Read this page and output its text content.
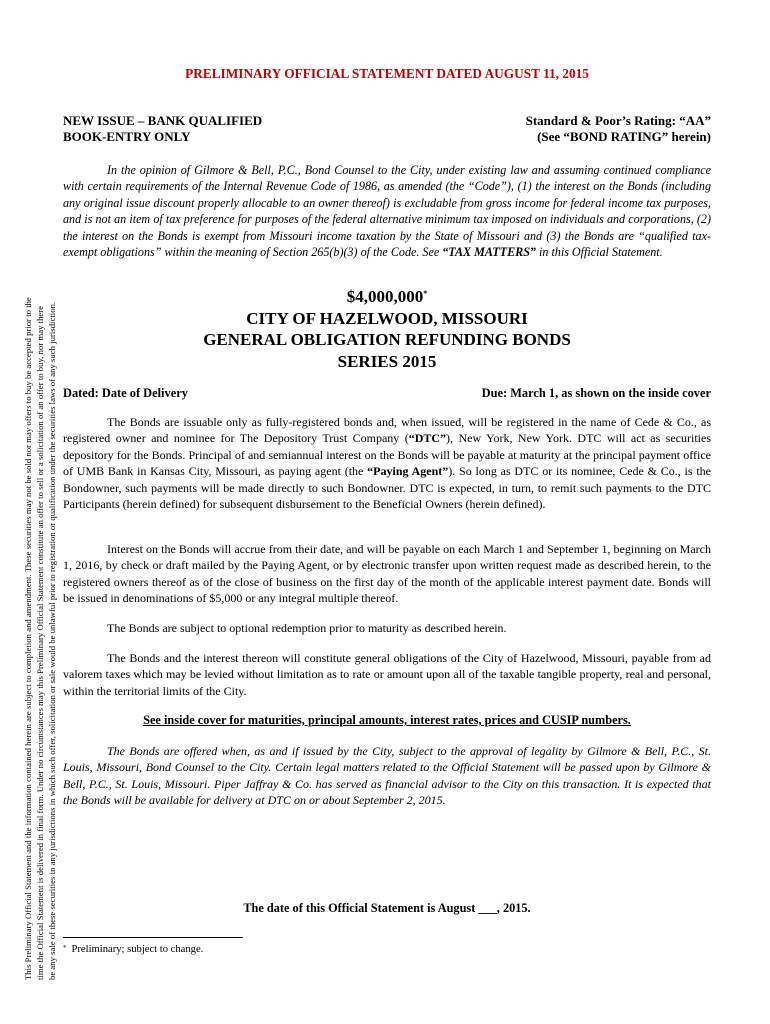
This Preliminary Official Statement and the information contained herein are subject to completion and amendment. These securities may not be sold nor may offers to buy be accepted prior to the time the Official Statement is delivered in final form. Under no circumstances may this Preliminary Official Statement constitute an offer to sell or a solicitation of an offer to buy, nor may there be any sale of these securities in any jurisdictions in which such offer, solicitation or sale would be unlawful prior to registration or qualification under the securities laws of any such jurisdiction.
PRELIMINARY OFFICIAL STATEMENT DATED AUGUST 11, 2015
NEW ISSUE – BANK QUALIFIED
BOOK-ENTRY ONLY
Standard & Poor’s Rating: “AA”
(See “BOND RATING” herein)
In the opinion of Gilmore & Bell, P.C., Bond Counsel to the City, under existing law and assuming continued compliance with certain requirements of the Internal Revenue Code of 1986, as amended (the “Code”), (1) the interest on the Bonds (including any original issue discount properly allocable to an owner thereof) is excludable from gross income for federal income tax purposes, and is not an item of tax preference for purposes of the federal alternative minimum tax imposed on individuals and corporations, (2) the interest on the Bonds is exempt from Missouri income taxation by the State of Missouri and (3) the Bonds are “qualified tax-exempt obligations” within the meaning of Section 265(b)(3) of the Code. See “TAX MATTERS” in this Official Statement.
$4,000,000*
CITY OF HAZELWOOD, MISSOURI
GENERAL OBLIGATION REFUNDING BONDS
SERIES 2015
Dated: Date of Delivery	Due: March 1, as shown on the inside cover
The Bonds are issuable only as fully-registered bonds and, when issued, will be registered in the name of Cede & Co., as registered owner and nominee for The Depository Trust Company (“DTC”), New York, New York. DTC will act as securities depository for the Bonds. Principal of and semiannual interest on the Bonds will be payable at maturity at the principal payment office of UMB Bank in Kansas City, Missouri, as paying agent (the “Paying Agent”). So long as DTC or its nominee, Cede & Co., is the Bondowner, such payments will be made directly to such Bondowner. DTC is expected, in turn, to remit such payments to the DTC Participants (herein defined) for subsequent disbursement to the Beneficial Owners (herein defined).
Interest on the Bonds will accrue from their date, and will be payable on each March 1 and September 1, beginning on March 1, 2016, by check or draft mailed by the Paying Agent, or by electronic transfer upon written request made as described herein, to the registered owners thereof as of the close of business on the first day of the month of the applicable interest payment date. Bonds will be issued in denominations of $5,000 or any integral multiple thereof.
The Bonds are subject to optional redemption prior to maturity as described herein.
The Bonds and the interest thereon will constitute general obligations of the City of Hazelwood, Missouri, payable from ad valorem taxes which may be levied without limitation as to rate or amount upon all of the taxable tangible property, real and personal, within the territorial limits of the City.
See inside cover for maturities, principal amounts, interest rates, prices and CUSIP numbers.
The Bonds are offered when, as and if issued by the City, subject to the approval of legality by Gilmore & Bell, P.C., St. Louis, Missouri, Bond Counsel to the City. Certain legal matters related to the Official Statement will be passed upon by Gilmore & Bell, P.C., St. Louis, Missouri. Piper Jaffray & Co. has served as financial advisor to the City on this transaction. It is expected that the Bonds will be available for delivery at DTC on or about September 2, 2015.
The date of this Official Statement is August ___, 2015.
* Preliminary; subject to change.
